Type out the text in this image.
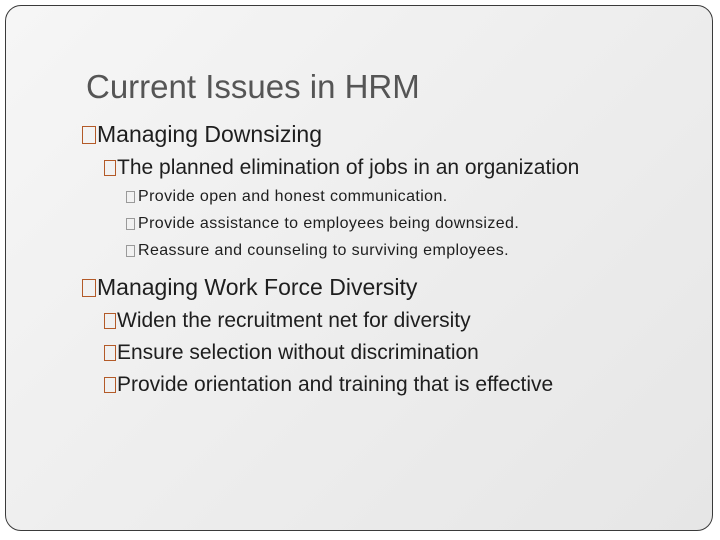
Current Issues in HRM
Managing Downsizing
The planned elimination of jobs in an organization
Provide open and honest communication.
Provide assistance to employees being downsized.
Reassure and counseling to surviving employees.
Managing Work Force Diversity
Widen the recruitment net for diversity
Ensure selection without discrimination
Provide orientation and training that is effective
